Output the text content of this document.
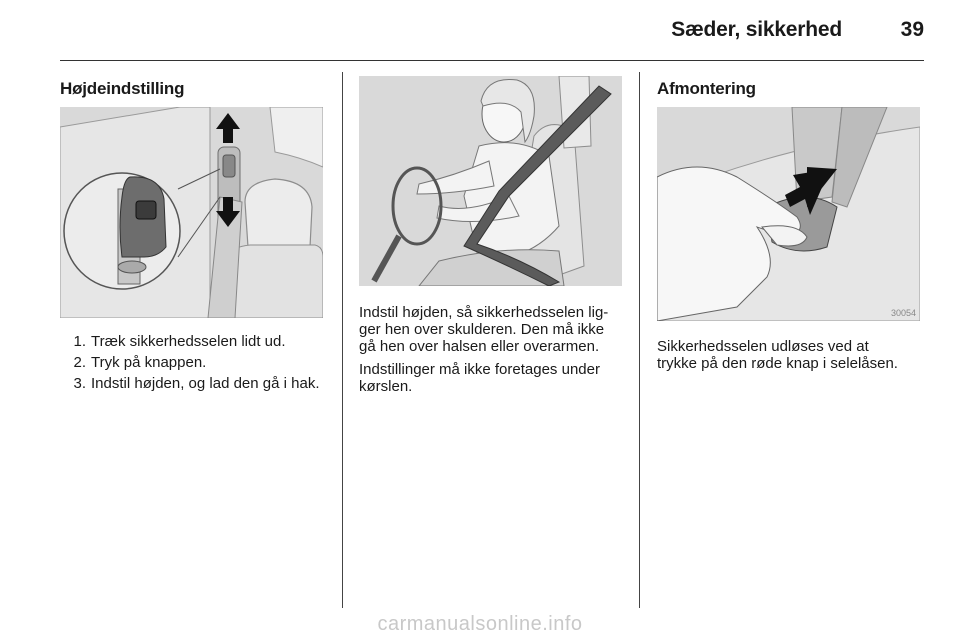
Sæder, sikkerhed	39
Højdeindstilling
1. Træk sikkerhedsselen lidt ud.
2. Tryk på knappen.
3. Indstil højden, og lad den gå i hak.

Indstil højden, så sikkerhedsselen lig-
ger hen over skulderen. Den må ikke
gå hen over halsen eller overarmen.

Indstillinger må ikke foretages under
kørslen.

Afmontering
30054

Sikkerhedsselen udløses ved at
trykke på den røde knap i selelåsen.

carmanualsonline.info
